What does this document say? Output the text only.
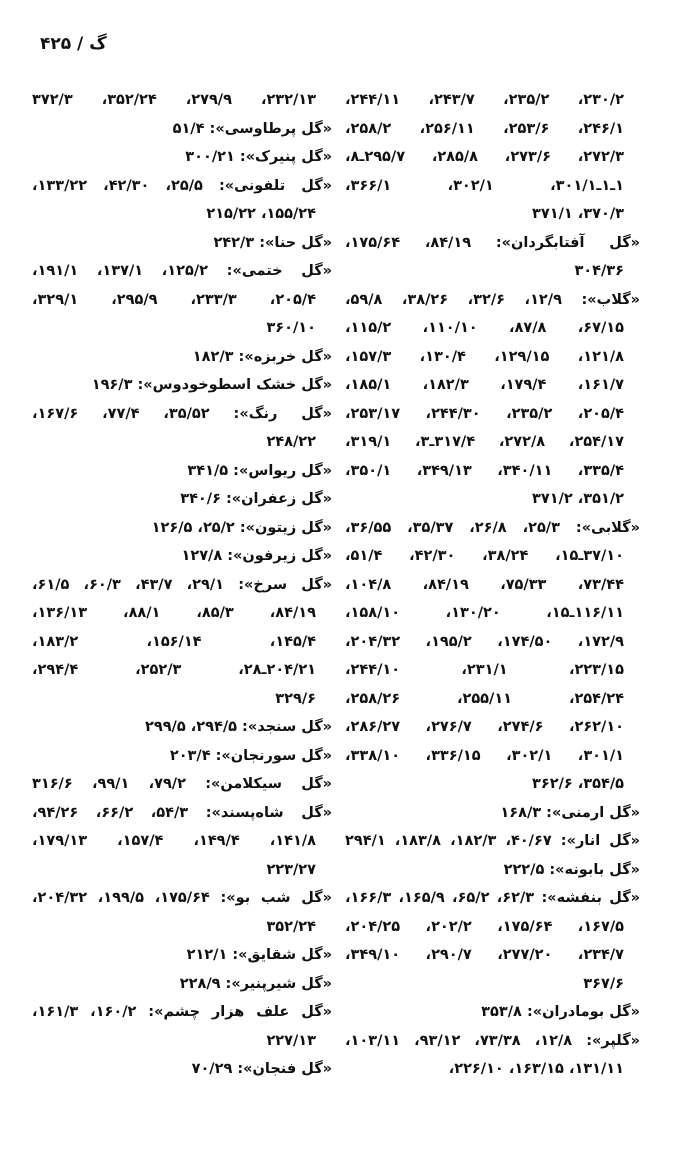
۴۲۵ / گ
۲۳۰/۲، ۲۳۵/۲، ۲۴۳/۷، ۲۴۴/۱۱،
۲۴۶/۱، ۲۵۳/۶، ۲۵۶/۱۱، ۲۵۸/۲،
۲۷۲/۳، ۲۷۳/۶، ۲۸۵/۸، ۲۹۵/۷ـ۸،
۱ـ۱ـ۳۰۱/۱، ۳۰۲/۱، ۳۶۶/۱،
۳۷۰/۳، ۳۷۱/۱
«گل آفتابگردان»: ۸۴/۱۹، ۱۷۵/۶۴،
۳۰۴/۳۶
«گلاب»: ۱۲/۹، ۳۲/۶، ۳۸/۲۶، ۵۹/۸،
۶۷/۱۵، ۸۷/۸، ۱۱۰/۱۰، ۱۱۵/۲،
۱۲۱/۸، ۱۲۹/۱۵، ۱۳۰/۴، ۱۵۷/۳،
۱۶۱/۷، ۱۷۹/۴، ۱۸۲/۳، ۱۸۵/۱،
۲۰۵/۴، ۲۳۵/۲، ۲۴۴/۳۰، ۲۵۳/۱۷،
۲۵۴/۱۷، ۲۷۲/۸، ۳۱۷/۴ـ۳، ۳۱۹/۱،
۳۳۵/۴، ۳۴۰/۱۱، ۳۴۹/۱۳، ۳۵۰/۱،
۳۵۱/۲، ۳۷۱/۲
«گلابی»: ۲۵/۳، ۲۶/۸، ۳۵/۳۷، ۳۶/۵۵،
۳۷/۱۰ـ۱۵، ۳۸/۲۴، ۴۲/۳۰، ۵۱/۴،
۷۳/۴۴، ۷۵/۳۳، ۸۴/۱۹، ۱۰۴/۸،
۱۱۶/۱۱ـ۱۵، ۱۳۰/۲۰، ۱۵۸/۱۰،
۱۷۲/۹، ۱۷۴/۵۰، ۱۹۵/۲، ۲۰۴/۳۲،
۲۲۳/۱۵، ۲۳۱/۱، ۲۴۴/۱۰،
۲۵۴/۲۴، ۲۵۵/۱۱، ۲۵۸/۲۶،
۲۶۲/۱۰، ۲۷۴/۶، ۲۷۶/۷، ۲۸۶/۲۷،
۳۰۱/۱، ۳۰۲/۱، ۳۳۶/۱۵، ۳۳۸/۱۰،
۳۵۴/۵، ۳۶۲/۶
«گل ارمنی»: ۱۶۸/۳
«گل انار»: ۴۰/۶۷، ۱۸۲/۳، ۱۸۳/۸، ۲۹۴/۱
«گل بابونه»: ۲۲۲/۵
«گل بنفشه»: ۶۲/۳، ۶۵/۲، ۱۶۵/۹، ۱۶۶/۳،
۱۶۷/۵، ۱۷۵/۶۴، ۲۰۲/۲، ۲۰۴/۲۵،
۲۳۴/۷، ۲۷۷/۲۰، ۲۹۰/۷، ۳۴۹/۱۰،
۳۶۷/۶
«گل بومادران»: ۳۵۳/۸
«گلپر»: ۱۲/۸، ۷۳/۳۸، ۹۳/۱۲، ۱۰۳/۱۱،
۱۳۱/۱۱، ۱۶۳/۱۵، ۲۲۶/۱۰،
۲۳۲/۱۳، ۲۷۹/۹، ۳۵۲/۲۴، ۳۷۲/۳
«گل پرطاوسی»: ۵۱/۴
«گل پنیرک»: ۳۰۰/۲۱
«گل تلفونی»: ۲۵/۵، ۴۲/۳۰، ۱۳۳/۲۲،
۱۵۵/۲۴، ۲۱۵/۲۲
«گل حنا»: ۲۴۲/۳
«گل ختمی»: ۱۲۵/۲، ۱۳۷/۱، ۱۹۱/۱،
۲۰۵/۴، ۲۳۳/۳، ۲۹۵/۹، ۳۲۹/۱،
۳۶۰/۱۰
«گل خربزه»: ۱۸۲/۳
«گل خشک اسطوخودوس»: ۱۹۶/۳
«گل رنگ»: ۳۵/۵۲، ۷۷/۴، ۱۶۷/۶،
۲۴۸/۲۲
«گل ریواس»: ۳۴۱/۵
«گل زعفران»: ۳۴۰/۶
«گل زیتون»: ۲۵/۲، ۱۲۶/۵
«گل زیرفون»: ۱۲۷/۸
«گل سرخ»: ۲۹/۱، ۴۳/۷، ۶۰/۳، ۶۱/۵،
۸۴/۱۹، ۸۵/۳، ۸۸/۱، ۱۳۶/۱۳،
۱۴۵/۴، ۱۵۶/۱۴، ۱۸۳/۲،
۲۰۴/۲۱ـ۲۸، ۲۵۲/۳، ۲۹۴/۴،
۳۲۹/۶
«گل سنجد»: ۲۹۴/۵، ۲۹۹/۵
«گل سورنجان»: ۲۰۳/۴
«گل سیکلامن»: ۷۹/۲، ۹۹/۱، ۳۱۶/۶
«گل شاه‌پسند»: ۵۴/۳، ۶۶/۲، ۹۴/۲۶،
۱۴۱/۸، ۱۴۹/۴، ۱۵۷/۴، ۱۷۹/۱۳،
۲۲۳/۲۷
«گل شب بو»: ۱۷۵/۶۴، ۱۹۹/۵، ۲۰۴/۳۲،
۳۵۲/۲۴
«گل شقایق»: ۲۱۲/۱
«گل شیرپنیر»: ۲۲۸/۹
«گل علف هزار چشم»: ۱۶۰/۲، ۱۶۱/۳،
۲۲۷/۱۳
«گل فنجان»: ۷۰/۲۹
